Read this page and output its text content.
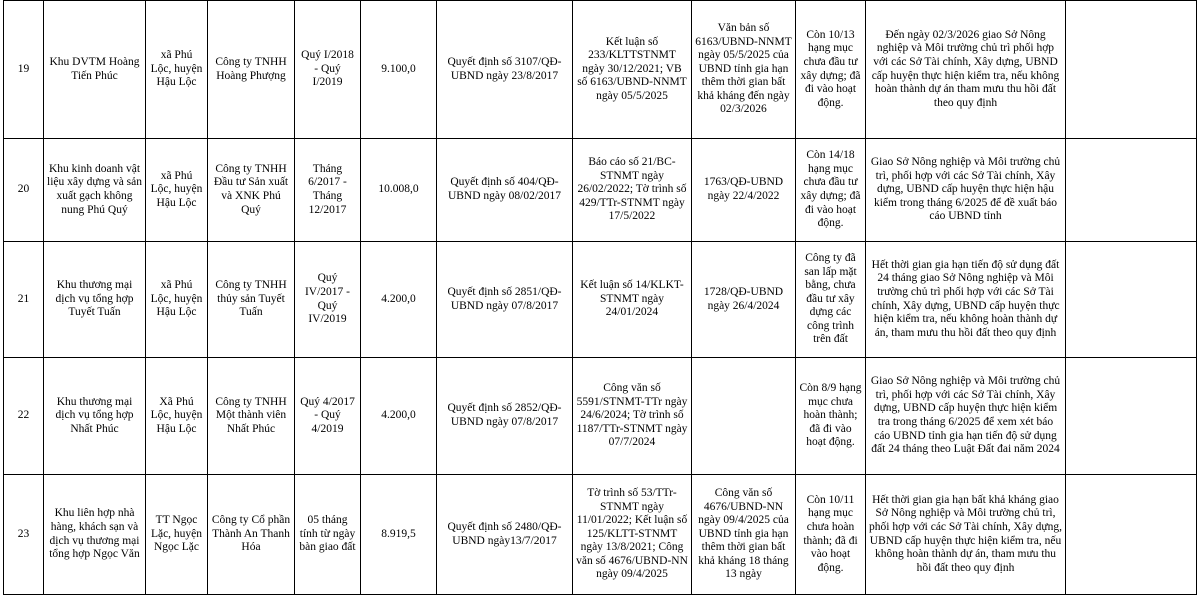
19	Khu DVTM Hoàng Tiến Phúc	xã Phú Lộc, huyện Hậu Lộc	Công ty TNHH Hoàng Phượng	Quý I/2018 - Quý I/2019	9.100,0	Quyết định số 3107/QĐ-UBND ngày 23/8/2017	Kết luận số 233/KLTTSTNMT ngày 30/12/2021; VB số 6163/UBND-NNMT ngày 05/5/2025	Văn bản số 6163/UBND-NNMT ngày 05/5/2025 của UBND tỉnh gia hạn thêm thời gian bất khả kháng đến ngày 02/3/2026	Còn 10/13 hạng mục chưa đầu tư xây dựng; đã đi vào hoạt động.	Đến ngày 02/3/2026 giao Sở Nông nghiệp và Môi trường chủ trì phối hợp với các Sở Tài chính, Xây dựng, UBND cấp huyện thực hiện kiểm tra, nếu không hoàn thành dự án tham mưu thu hồi đất theo quy định	
20	Khu kinh doanh vật liệu xây dựng và sản xuất gạch không nung Phú Quý	xã Phú Lộc, huyện Hậu Lộc	Công ty TNHH Đầu tư Sản xuất và XNK Phú Quý	Tháng 6/2017 - Tháng 12/2017	10.008,0	Quyết định số 404/QĐ-UBND ngày 08/02/2017	Báo cáo số 21/BC-STNMT ngày 26/02/2022; Tờ trình số 429/TTr-STNMT ngày 17/5/2022	1763/QĐ-UBND ngày 22/4/2022	Còn 14/18 hạng mục chưa đầu tư xây dựng; đã đi vào hoạt động.	Giao Sở Nông nghiệp và Môi trường chủ trì, phối hợp với các Sở Tài chính, Xây dựng, UBND cấp huyện thực hiện hậu kiểm trong tháng 6/2025 để đề xuất báo cáo UBND tỉnh	
21	Khu thương mại dịch vụ tổng hợp Tuyết Tuấn	xã Phú Lộc, huyện Hậu Lộc	Công ty TNHH thủy sản Tuyết Tuấn	Quý IV/2017 - Quý IV/2019	4.200,0	Quyết định số 2851/QĐ-UBND ngày 07/8/2017	Kết luận số 14/KLKT-STNMT ngày 24/01/2024	1728/QĐ-UBND ngày 26/4/2024	Công ty đã san lấp mặt bằng, chưa đầu tư xây dựng các công trình trên đất	Hết thời gian gia hạn tiến độ sử dụng đất 24 tháng giao Sở Nông nghiệp và Môi trường chủ trì phối hợp với các Sở Tài chính, Xây dựng, UBND cấp huyện thực hiện kiểm tra, nếu không hoàn thành dự án, tham mưu thu hồi đất theo quy định	
22	Khu thương mại dịch vụ tổng hợp Nhất Phúc	Xã Phú Lộc, huyện Hậu Lộc	Công ty TNHH Một thành viên Nhất Phúc	Quý 4/2017 - Quý 4/2019	4.200,0	Quyết định số 2852/QĐ-UBND ngày 07/8/2017	Công văn số 5591/STNMT-TTr ngày 24/6/2024; Tờ trình số 1187/TTr-STNMT ngày 07/7/2024		Còn 8/9 hạng mục chưa hoàn thành; đã đi vào hoạt động.	Giao Sở Nông nghiệp và Môi trường chủ trì, phối hợp với các Sở Tài chính, Xây dựng, UBND cấp huyện thực hiện kiểm tra trong tháng 6/2025 để xem xét báo cáo UBND tỉnh gia hạn tiến độ sử dụng đất 24 tháng theo Luật Đất đai năm 2024	
23	Khu liên hợp nhà hàng, khách sạn và dịch vụ thương mại tổng hợp Ngọc Văn	TT Ngọc Lặc, huyện Ngọc Lặc	Công ty Cổ phần Thành An Thanh Hóa	05 tháng tính từ ngày bàn giao đất	8.919,5	Quyết định số 2480/QĐ-UBND ngày13/7/2017	Tờ trình số 53/TTr-STNMT ngày 11/01/2022; Kết luận số 125/KLTT-STNMT ngày 13/8/2021; Công văn số 4676/UBND-NN ngày 09/4/2025	Công văn số 4676/UBND-NN ngày 09/4/2025 của UBND tỉnh gia hạn thêm thời gian bất khả kháng 18 tháng 13 ngày	Còn 10/11 hạng mục chưa hoàn thành; đã đi vào hoạt động.	Hết thời gian gia hạn bất khả kháng giao Sở Nông nghiệp và Môi trường chủ trì, phối hợp với các Sở Tài chính, Xây dựng, UBND cấp huyện thực hiện kiểm tra, nếu không hoàn thành dự án, tham mưu thu hồi đất theo quy định	
